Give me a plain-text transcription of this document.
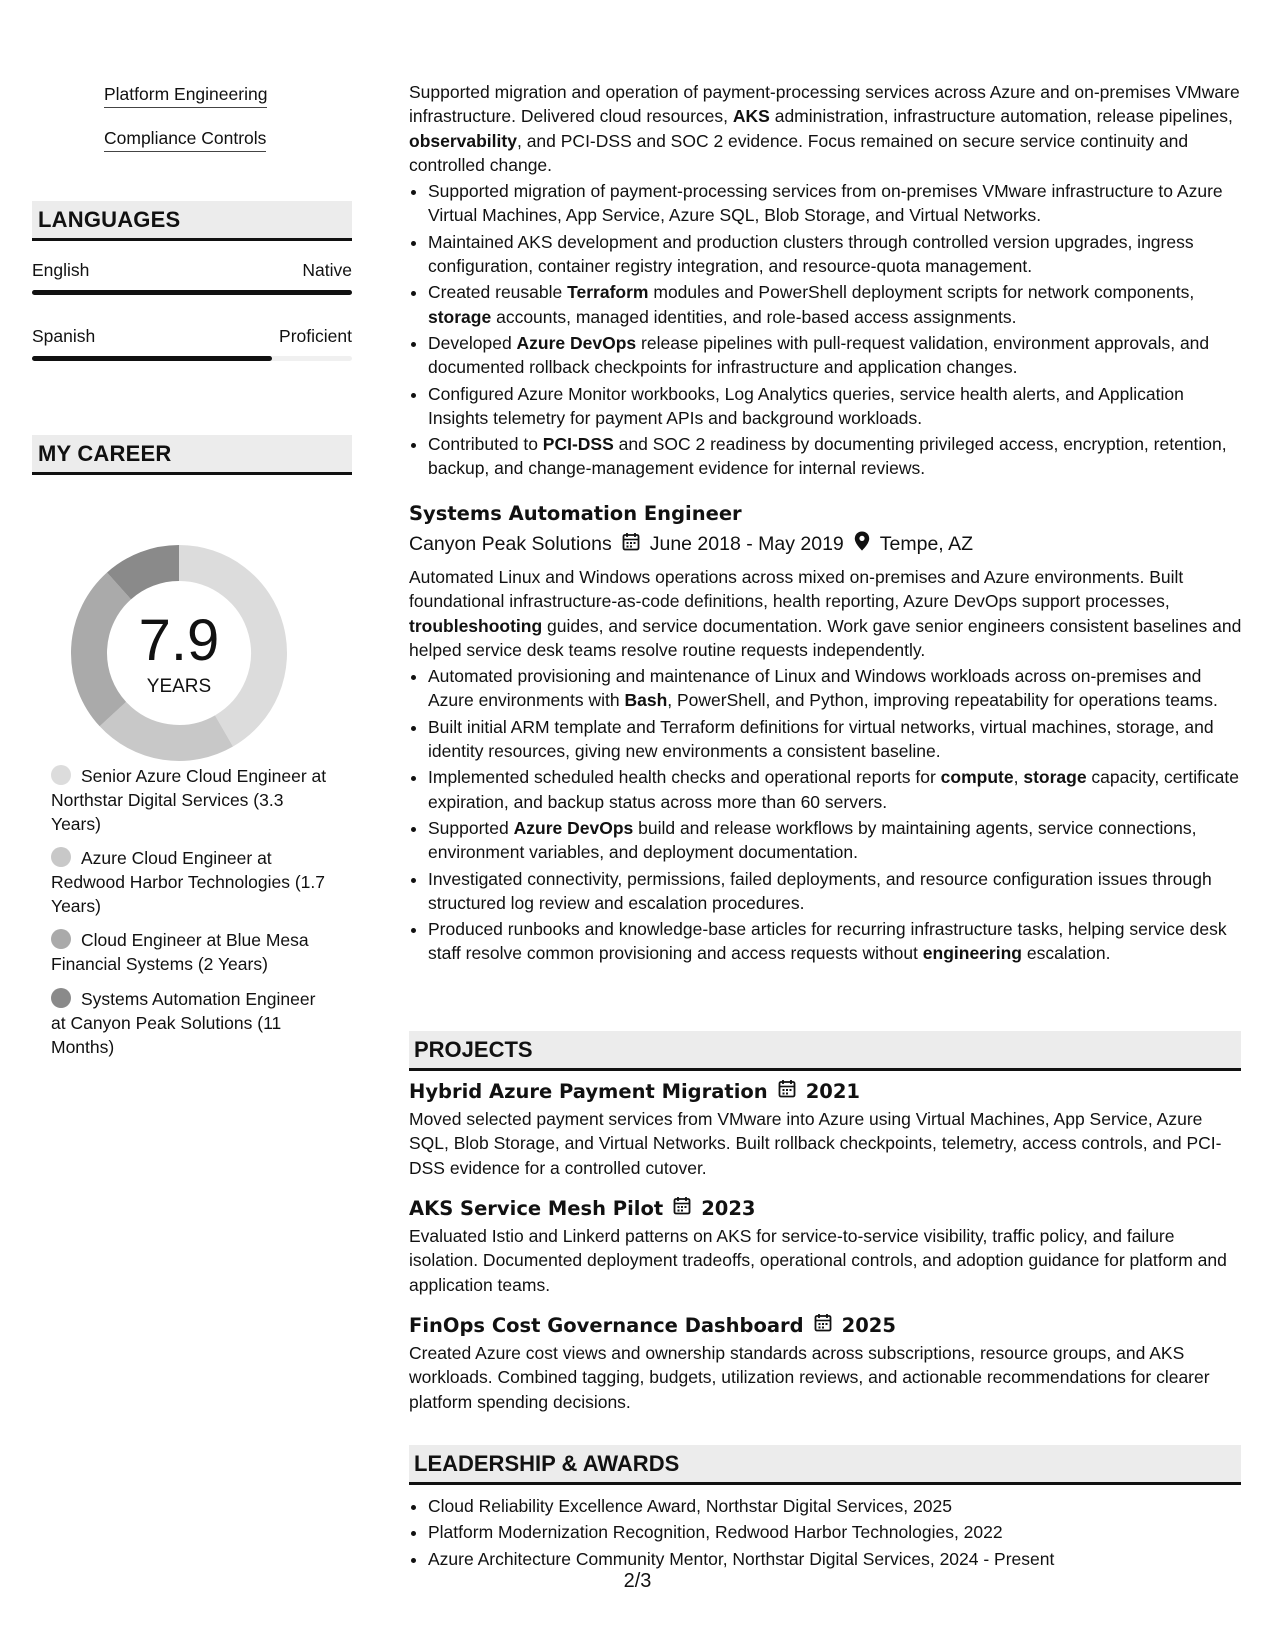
Platform Engineering
Compliance Controls
LANGUAGES
English	Native
Spanish	Proficient
MY CAREER
7.9
YEARS
Senior Azure Cloud Engineer at Northstar Digital Services (3.3 Years)
Azure Cloud Engineer at Redwood Harbor Technologies (1.7 Years)
Cloud Engineer at Blue Mesa Financial Systems (2 Years)
Systems Automation Engineer at Canyon Peak Solutions (11 Months)

Supported migration and operation of payment-processing services across Azure and on-premises VMware infrastructure. Delivered cloud resources, AKS administration, infrastructure automation, release pipelines, observability, and PCI-DSS and SOC 2 evidence. Focus remained on secure service continuity and controlled change.

• Supported migration of payment-processing services from on-premises VMware infrastructure to Azure Virtual Machines, App Service, Azure SQL, Blob Storage, and Virtual Networks.
• Maintained AKS development and production clusters through controlled version upgrades, ingress configuration, container registry integration, and resource-quota management.
• Created reusable Terraform modules and PowerShell deployment scripts for network components, storage accounts, managed identities, and role-based access assignments.
• Developed Azure DevOps release pipelines with pull-request validation, environment approvals, and documented rollback checkpoints for infrastructure and application changes.
• Configured Azure Monitor workbooks, Log Analytics queries, service health alerts, and Application Insights telemetry for payment APIs and background workloads.
• Contributed to PCI-DSS and SOC 2 readiness by documenting privileged access, encryption, retention, backup, and change-management evidence for internal reviews.
Systems Automation Engineer
Canyon Peak Solutions June 2018 - May 2019 Tempe, AZ

Automated Linux and Windows operations across mixed on-premises and Azure environments. Built foundational infrastructure-as-code definitions, health reporting, Azure DevOps support processes, troubleshooting guides, and service documentation. Work gave senior engineers consistent baselines and helped service desk teams resolve routine requests independently.

• Automated provisioning and maintenance of Linux and Windows workloads across on-premises and Azure environments with Bash, PowerShell, and Python, improving repeatability for operations teams.
• Built initial ARM template and Terraform definitions for virtual networks, virtual machines, storage, and identity resources, giving new environments a consistent baseline.
• Implemented scheduled health checks and operational reports for compute, storage capacity, certificate expiration, and backup status across more than 60 servers.
• Supported Azure DevOps build and release workflows by maintaining agents, service connections, environment variables, and deployment documentation.
• Investigated connectivity, permissions, failed deployments, and resource configuration issues through structured log review and escalation procedures.
• Produced runbooks and knowledge-base articles for recurring infrastructure tasks, helping service desk staff resolve common provisioning and access requests without engineering escalation.
PROJECTS
Hybrid Azure Payment Migration 2021

Moved selected payment services from VMware into Azure using Virtual Machines, App Service, Azure SQL, Blob Storage, and Virtual Networks. Built rollback checkpoints, telemetry, access controls, and PCI-DSS evidence for a controlled cutover.

AKS Service Mesh Pilot 2023

Evaluated Istio and Linkerd patterns on AKS for service-to-service visibility, traffic policy, and failure isolation. Documented deployment tradeoffs, operational controls, and adoption guidance for platform and application teams.

FinOps Cost Governance Dashboard 2025

Created Azure cost views and ownership standards across subscriptions, resource groups, and AKS workloads. Combined tagging, budgets, utilization reviews, and actionable recommendations for clearer platform spending decisions.

LEADERSHIP & AWARDS
• Cloud Reliability Excellence Award, Northstar Digital Services, 2025
• Platform Modernization Recognition, Redwood Harbor Technologies, 2022
• Azure Architecture Community Mentor, Northstar Digital Services, 2024 - Present
2/3
